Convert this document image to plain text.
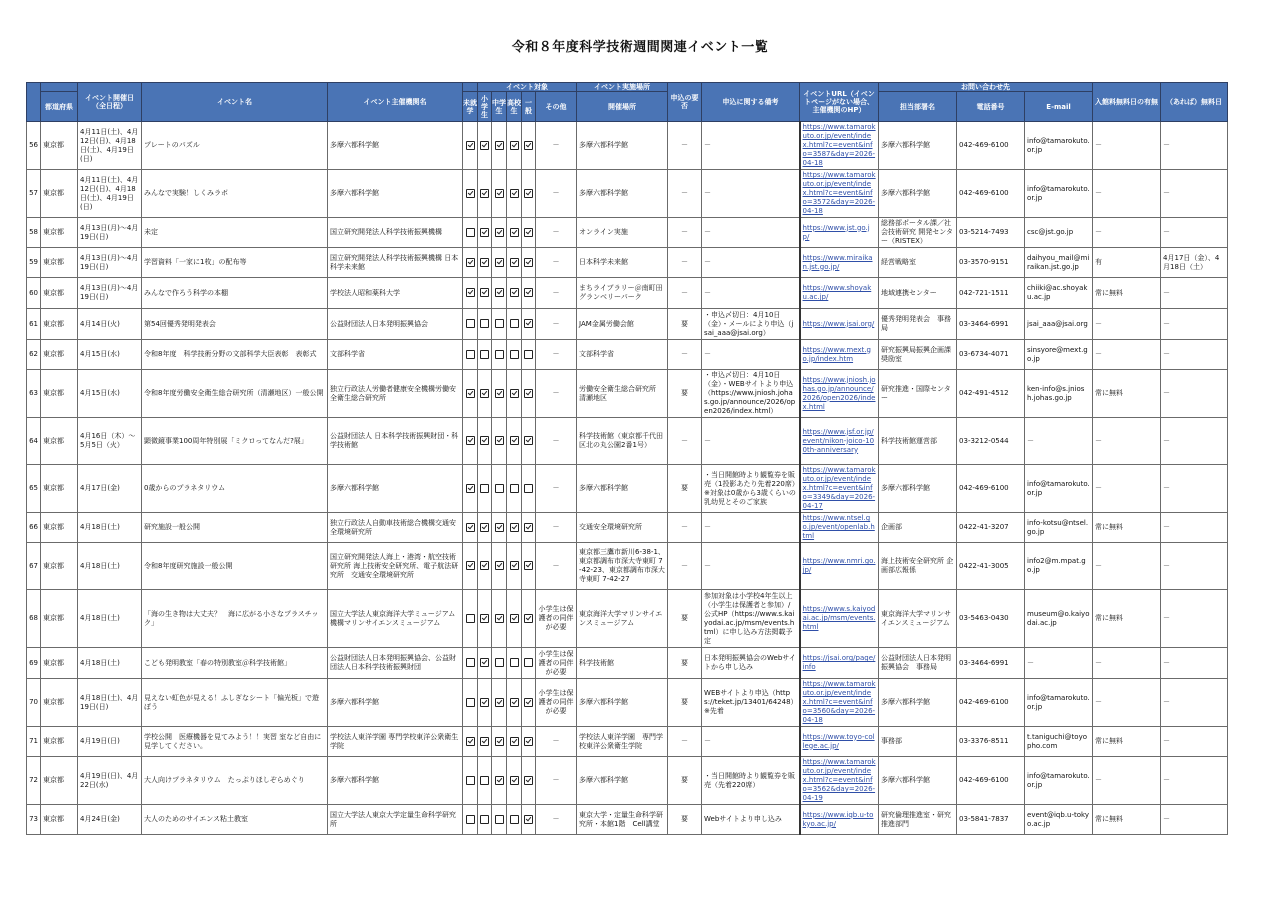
令和８年度科学技術週間関連イベント一覧
		イベント開催日（全日程）	イベント名	イベント主催機関名		イベント対象					イベント実施場所	申込の要否	申込に関する備考	イベントURL（イベントページがない場合、主催機関のHP）	お問い合わせ先			入館料無料日の有無	（あれば）無料日
	都道府県				未就学	小学生	中学生	高校生	一般	その他	開催場所				担当部署名	電話番号	E-mail		
56	東京都	4月11日(土)、4月12日(日)、4月18日(土)、4月19日(日)	プレートのパズル	多摩六都科学館						－	多摩六都科学館	－	－	https://www.tamarokuto.or.jp/event/index.html?c=event&info=3587&day=2026-04-18	多摩六都科学館	042-469-6100	info@tamarokuto.or.jp	－	－
57	東京都	4月11日(土)、4月12日(日)、4月18日(土)、4月19日(日)	みんなで実験！しくみラボ	多摩六都科学館						－	多摩六都科学館	－	－	https://www.tamarokuto.or.jp/event/index.html?c=event&info=3572&day=2026-04-18	多摩六都科学館	042-469-6100	info@tamarokuto.or.jp	－	－
58	東京都	4月13日(月)～4月19日(日)	未定	国立研究開発法人科学技術振興機構						－	オンライン実施	－	－	https://www.jst.go.jp/	総務部ポータル課／社会技術研究 開発センター（RISTEX）	03-5214-7493	csc@jst.go.jp	－	－
59	東京都	4月13日(月)～4月19日(日)	学習資料「一家に1枚」の配布等	国立研究開発法人科学技術振興機構 日本科学未来館						－	日本科学未来館	－	－	https://www.miraikan.jst.go.jp/	経営戦略室	03-3570-9151	daihyou_mail@miraikan.jst.go.jp	有	4月17日（金）、4月18日（土）
60	東京都	4月13日(月)～4月19日(日)	みんなで作ろう科学の本棚	学校法人昭和薬科大学						－	まちライブラリー＠南町田グランベリーパーク	－	－	https://www.shoyaku.ac.jp/	地域連携センター	042-721-1511	chiiki@ac.shoyaku.ac.jp	常に無料	－
61	東京都	4月14日(火)	第54回優秀発明発表会	公益財団法人日本発明振興協会						－	JAM金属労働会館	要	・申込〆切日：4月10日（金）・メールにより申込（jsai_aaa@jsai.org）	https://www.jsai.org/	優秀発明発表会　事務局	03-3464-6991	jsai_aaa@jsai.org	－	－
62	東京都	4月15日(水)	令和8年度　科学技術分野の文部科学大臣表彰　表彰式	文部科学省						－	文部科学省	－	－	https://www.mext.go.jp/index.htm	研究振興局振興企画課奨励室	03-6734-4071	sinsyore@mext.go.jp	－	－
63	東京都	4月15日(水)	令和8年度労働安全衛生総合研究所（清瀬地区）一般公開	独立行政法人労働者健康安全機構労働安全衛生総合研究所						－	労働安全衛生総合研究所 清瀬地区	要	・申込〆切日：4月10日（金）・WEBサイトより申込（https://www.jniosh.johas.go.jp/announce/2026/open2026/index.html）	https://www.jniosh.johas.go.jp/announce/2026/open2026/index.html	研究推進・国際センター	042-491-4512	ken-info@s.jniosh.johas.go.jp	常に無料	－
64	東京都	4月16日（木）～5月5日（火）	顕微鏡事業100周年特別展「ミクロってなんだ?展」	公益財団法人 日本科学技術振興財団・科学技術館						－	科学技術館（東京都千代田区北の丸公園2番1号）	－	－	https://www.jsf.or.jp/event/nikon-joico-100th-anniversary	科学技術館運営部	03-3212-0544	－	－	－
65	東京都	4月17日(金)	0歳からのプラネタリウム	多摩六都科学館						－	多摩六都科学館	要	・当日開館時より観覧券を販売（1投影あたり先着220席）※対象は0歳から3歳くらいの乳幼児とそのご家族	https://www.tamarokuto.or.jp/event/index.html?c=event&info=3349&day=2026-04-17	多摩六都科学館	042-469-6100	info@tamarokuto.or.jp	－	－
66	東京都	4月18日(土)	研究施設一般公開	独立行政法人自動車技術総合機構交通安全環境研究所						－	交通安全環境研究所	－	－	https://www.ntsel.go.jp/event/openlab.html	企画部	0422-41-3207	info-kotsu@ntsel.go.jp	常に無料	－
67	東京都	4月18日(土)	令和8年度研究施設一般公開	国立研究開発法人海上・港湾・航空技術研究所 海上技術安全研究所、電子航法研究所　交通安全環境研究所						－	東京都三鷹市新川6-38-1、東京都調布市深大寺東町 7-42-23、東京都調布市深大寺東町 7-42-27	－	－	https://www.nmri.go.jp/	海上技術安全研究所 企画部広報係	0422-41-3005	info2@m.mpat.go.jp	－	－
68	東京都	4月18日(土)	「海の生き物は大丈夫？　海に広がる小さなプラスチック」	国立大学法人東京海洋大学ミュージアム機構マリンサイエンスミュージアム						小学生は保護者の同伴が必要	東京海洋大学マリンサイエンスミュージアム	要	参加対象は小学校4年生以上（小学生は保護者と参加）/公式HP（https://www.s.kaiyodai.ac.jp/msm/events.html）に申し込み方法掲載予定	https://www.s.kaiyodai.ac.jp/msm/events.html	東京海洋大学マリンサイエンスミュージアム	03-5463-0430	museum@o.kaiyodai.ac.jp	常に無料	－
69	東京都	4月18日(土)	こども発明教室「春の特別教室＠科学技術館」	公益財団法人日本発明振興協会、公益財団法人日本科学技術振興財団						小学生は保護者の同伴が必要	科学技術館	要	日本発明振興協会のWebサイトから申し込み	https://jsai.org/page/info	公益財団法人日本発明振興協会　事務局	03-3464-6991	－	－	－
70	東京都	4月18日(土)、4月19日(日)	見えない虹色が見える！ふしぎなシート「偏光板」で遊ぼう	多摩六都科学館						小学生は保護者の同伴が必要	多摩六都科学館	要	WEBサイトより申込（https://teket.jp/13401/64248）※先着	https://www.tamarokuto.or.jp/event/index.html?c=event&info=3560&day=2026-04-18	多摩六都科学館	042-469-6100	info@tamarokuto.or.jp	－	－
71	東京都	4月19日(日)	学校公開　医療機器を見てみよう！！実習 室など自由に見学してください。	学校法人東洋学園 専門学校東洋公衆衛生学院						－	学校法人東洋学園　専門学校東洋公衆衛生学院	－	－	https://www.toyo-college.ac.jp/	事務部	03-3376-8511	t.taniguchi@toyopho.com	常に無料	－
72	東京都	4月19日(日)、4月22日(水)	大人向けプラネタリウム　たっぷりほしぞらめぐり	多摩六都科学館						－	多摩六都科学館	要	・当日開館時より観覧券を販売（先着220席）	https://www.tamarokuto.or.jp/event/index.html?c=event&info=3562&day=2026-04-19	多摩六都科学館	042-469-6100	info@tamarokuto.or.jp	－	－
73	東京都	4月24日(金)	大人のためのサイエンス粘土教室	国立大学法人東京大学定量生命科学研究所						－	東京大学・定量生命科学研究所・本館1階　Cell講堂	要	Webサイトより申し込み	https://www.iqb.u-tokyo.ac.jp/	研究倫理推進室・研究推進部門	03-5841-7837	event@iqb.u-tokyo.ac.jp	常に無料	－
